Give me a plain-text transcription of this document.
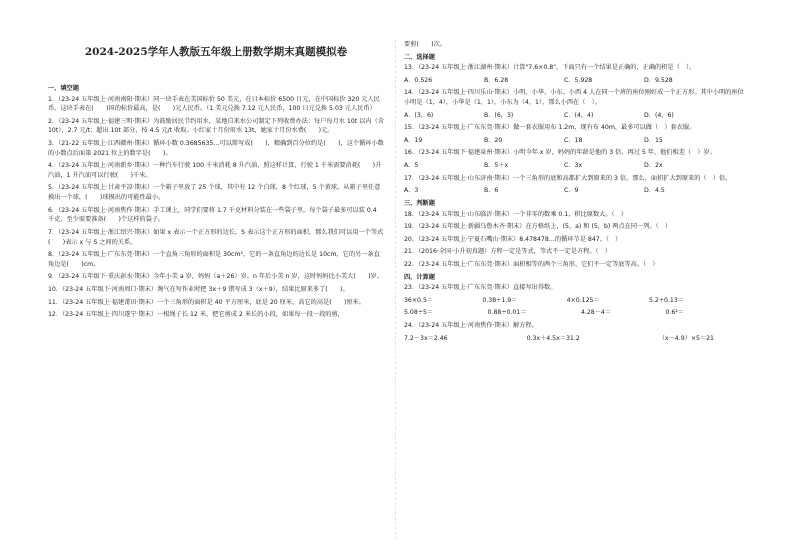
2024-2025学年人教版五年级上册数学期末真题模拟卷
一、填空题
1．（23-24 五年级上·河南南阳·期末）同一块手表在美国标价 50 美元，在日本标价 6500 日元，在中国标价 320 元人民币。这块手表在(　　)国的标价最高，是(　　)元人民币。（1 美元兑换 7.12 元人民币，100 日元兑换 5.03 元人民币）
2．（23-24 五年级上·福建三明·期末）为鼓励居民节约用水，某地自来水公司制定下列收费办法：每户每月水 10t 以内（含 10t），2.7 元/t；超出 10t 部分，按 4.5 元/t 收取。小红家十月份用水 13t，她家十月份水费(　　)元。
3．（21-22 五年级上·江西赣州·期末）循环小数 0.3685635…可以简写成(　　)，精确到百分位约是(　　)，这个循环小数的小数点后面第 2021 位上的数字是(　　)。
4．（23-24 五年级上·河南新乡·期末）一种汽车行驶 100 千米消耗 8 升汽油，照这样计算，行驶 1 千米需要消耗(　　)升汽油，1 升汽油可以行驶(　　)千米。
5．（23-24 五年级上·甘肃平凉·期末）一个箱子里放了 25 个球，其中有 12 个白球，8 个红球，5 个黄球。从箱子里任意摸出一个球，(　　)球摸出的可能性最小。
6．（23-24 五年级上·河南焦作·期末）手工课上，同学们要将 1.7 千克材料分装在一些袋子里，每个袋子最多可以装 0.4 千克，至少需要准备(　　)个这样的袋子。
7．（23-24 五年级上·浙江绍兴·期末）如果 x 表示一个正方形的边长，S 表示这个正方形的面积，那么我们可以用一个等式(　　)表示 x 与 S 之间的关系。
8．（23-24 五年级上·广东东莞·期末）一个直角三角形的面积是 30cm²，它的一条直角边的边长是 10cm，它的另一条直角边是(　　)cm。
9．（23-24 五年级下·重庆彭水·期末）今年小美 a 岁，妈妈（a＋26）岁。n 年后小美 n 岁，这时妈妈比小美大(　　)岁。
10．（23-24 五年级下·河南周口·期末）淘气在写作业时把 3x＋9 错写成 3（x＋9），结果比原来多了(　　)。
11．（23-24 五年级上·福建莆田·期末）一个三角形的面积是 40 平方厘米，底是 20 厘米，高它的高是(　　)厘米。
12．（23-24 五年级上·四川遂宁·期末）一根绳子长 12 米，把它剪成 2 米长的小段，如果每一段一段的剪，
要剪(　　)次。
二、选择题
13．（23-24 五年级上·浙江湖州·期末）计算"7.6×0.8"，下面只有一个结果是正确的，正确的积是（　）。
A．0.526	B．6.28	C．5.928	D．9.528
14．（23-24 五年级上·四川乐山·期末）小明、小华、小东、小西 4 人在同一个班的座位刚好成一个正方形。其中小明的座位小明是（1，4），小华是（1，1），小东为（4，1），那么小西在（　）。
A．(3，6)	B．(6，3)	C．(4，4)	D．(4，6)
15．（23-24 五年级上·广东东莞·期末）做一套衣服用布 1.2m，现有布 40m，最多可以做（　）套衣服。
A．19	B．20	C．18	D．15
16．（23-24 五年级下·福建泉州·期末）小明今年 x 岁，妈妈的年龄是他的 3 倍，再过 5 年，他们相差（　）岁。
A．5	B．5＋x	C．3x	D．2x
17．（23-24 五年级上·山东济南·期末）一个三角形的底和高都扩大到原来的 3 倍，那么，面积扩大到原来的（　）倍。
A．3	B．6	C．9	D．4.5
三、判断题
18．（23-24 五年级上·山东临沂·期末）一个非零的数乘 0.1，积比原数大。（　）
19．（23-24 五年级上·新疆乌鲁木齐·期末）在方格纸上，(5，a) 和 (5，b) 两点在同一列。（　）
20．（23-24 五年级上·宁夏石嘴山·期末）8.478478…的循环节是 847。（　）
21．（2016·全国·小升初真题）方程一定是等式，等式不一定是方程。（　）
22．（23-24 五年级上·广东东莞·期末）面积相等的两个三角形，它们不一定等底等高。（　）
四、计算题
23．（23-24 五年级上·广东东莞·期末）直接写出得数。
36×0.5＝	0.38÷1.9＝	4×0.125＝	5.2÷0.13＝
5.08÷5＝	0.88÷0.01＝	4.28－4＝	0.6²＝
24．（23-24 五年级上·河南焦作·期末）解方程。
7.2－3x＝2.46	0.3x＋4.5x＝31.2	（x－4.9）×5＝21
